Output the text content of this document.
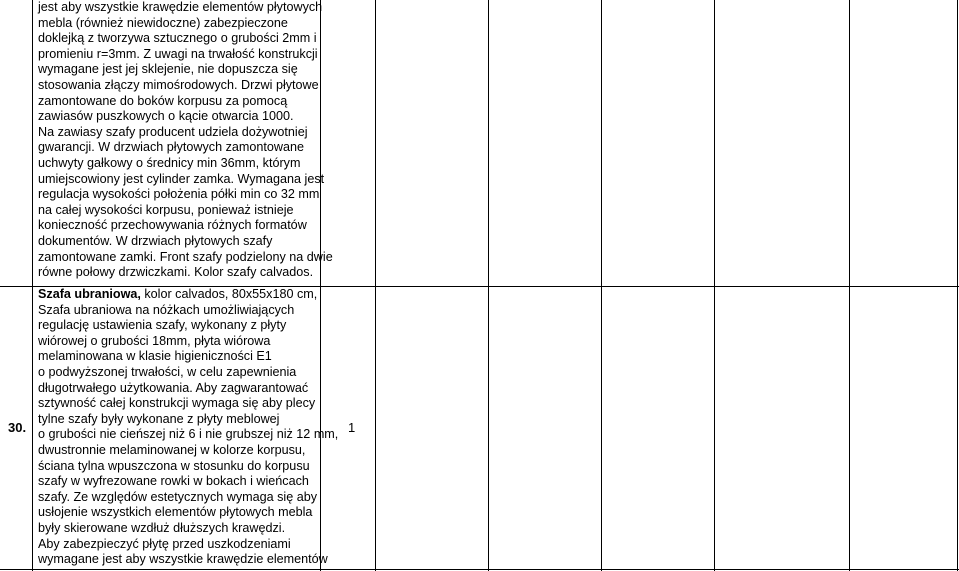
jest aby wszystkie krawędzie elementów płytowych

mebla (również niewidoczne) zabezpieczone

doklejką z tworzywa sztucznego o grubości 2mm i

promieniu r=3mm. Z uwagi na trwałość konstrukcji

wymagane jest jej sklejenie, nie dopuszcza się

stosowania złączy mimośrodowych. Drzwi płytowe

zamontowane do boków korpusu za pomocą

zawiasów puszkowych o kącie otwarcia 1000.

Na zawiasy szafy producent udziela dożywotniej

gwarancji. W drzwiach płytowych zamontowane

uchwyty gałkowy o średnicy min 36mm, którym

umiejscowiony jest cylinder zamka. Wymagana jest

regulacja wysokości położenia półki min co 32 mm

na całej wysokości korpusu, ponieważ istnieje

konieczność przechowywania różnych formatów

dokumentów. W drzwiach płytowych szafy

zamontowane zamki. Front szafy podzielony na dwie

równe połowy drzwiczkami. Kolor szafy calvados.

30.

Szafa ubraniowa, kolor calvados, 80x55x180 cm,

Szafa ubraniowa na nóżkach umożliwiających

regulację ustawienia szafy, wykonany z płyty

wiórowej o grubości 18mm, płyta wiórowa

melaminowana w klasie higieniczności E1

o podwyższonej trwałości, w celu zapewnienia

długotrwałego użytkowania. Aby zagwarantować

sztywność całej konstrukcji wymaga się aby plecy

tylne szafy były wykonane z płyty meblowej

o grubości nie cieńszej niż 6 i nie grubszej niż 12 mm,

dwustronnie melaminowanej w kolorze korpusu,

ściana tylna wpuszczona w stosunku do korpusu

szafy w wyfrezowane rowki w bokach i wieńcach

szafy. Ze względów estetycznych wymaga się aby

usłojenie wszystkich elementów płytowych mebla

były skierowane wzdłuż dłuższych krawędzi.

Aby zabezpieczyć płytę przed uszkodzeniami

wymagane jest aby wszystkie krawędzie elementów

1
